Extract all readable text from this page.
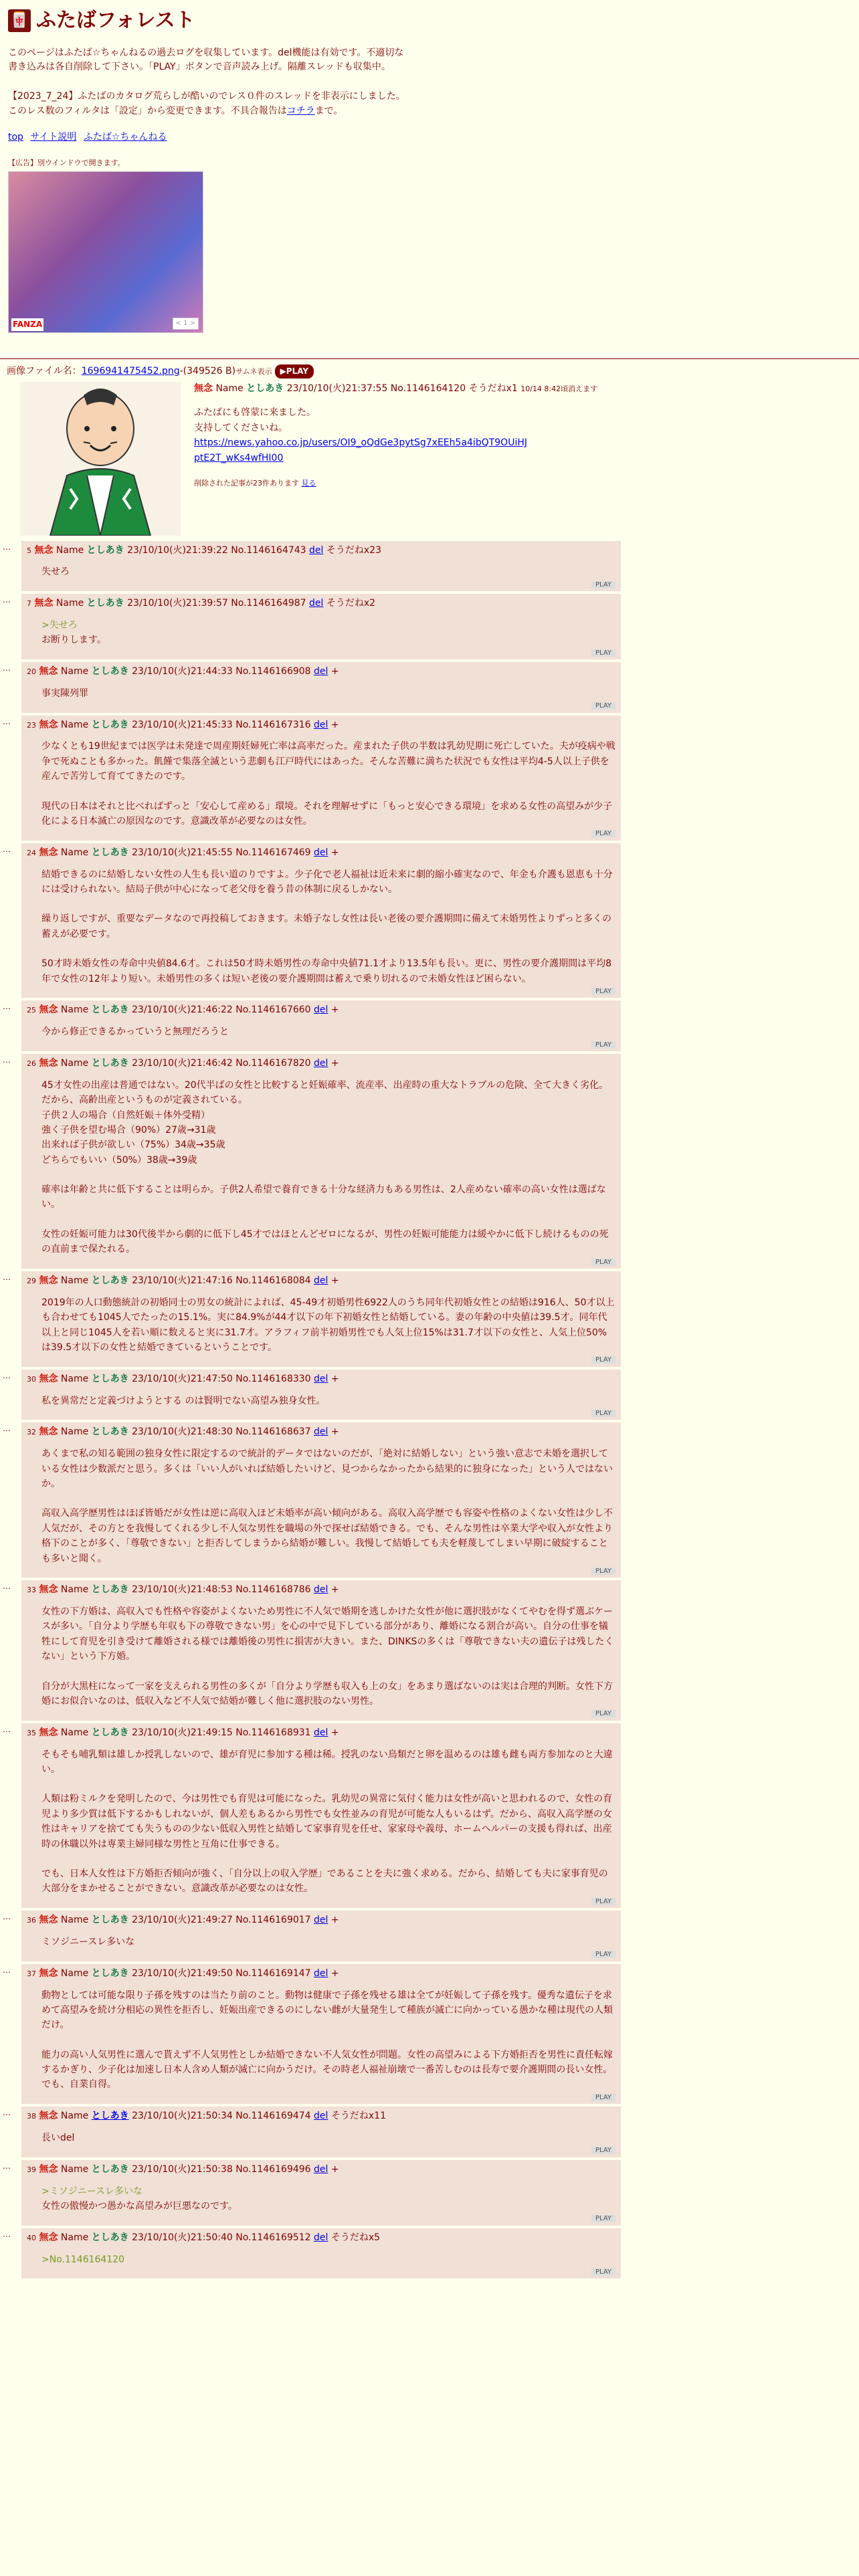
🀄 ふたばフォレスト

このページはふたば☆ちゃんねるの過去ログを収集しています。del機能は有効です。不適切な書き込みは各自削除して下さい。「PLAY」ボタンで音声読み上げ。隔離スレッドも収集中。

【2023_7_24】ふたばのカタログ荒らしが酷いのでレス０件のスレッドを非表示にしました。このレス数のフィルタは「設定」から変更できます。不具合報告はコチラまで。

top サイト説明 ふたば☆ちゃんねる
【広告】別ウインドウで開きます。
FANZA	< 1 >
画像ファイル名：1696941475452.png-(349526 B)サムネ表示 ▶PLAY
無念 Name としあき 23/10/10(火)21:37:55 No.1146164120 そうだねx1 10/14 8:42頃消えます
ふたばにも啓蒙に来ました。
支持してくださいね。
https://news.yahoo.co.jp/users/OI9_oQdGe3pytSg7xEEh5a4ibQT9OUiHJ
ptE2T_wKs4wfHI00
削除された記事が23件あります 見る
… 5 無念 Name としあき 23/10/10(火)21:39:22 No.1146164743 del そうだねx23

失せろ

PLAY
… 7 無念 Name としあき 23/10/10(火)21:39:57 No.1146164987 del そうだねx2

>失せろ

お断りします。

PLAY
… 20 無念 Name としあき 23/10/10(火)21:44:33 No.1146166908 del +

事実陳列罪

PLAY
… 23 無念 Name としあき 23/10/10(火)21:45:33 No.1146167316 del +

少なくとも19世紀までは医学は未発達で周産期妊婦死亡率は高率だった。産まれた子供の半数は乳幼児期に死亡していた。夫が疫病や戦争で死ぬことも多かった。飢饉で集落全滅という悲劇も江戸時代にはあった。そんな苦難に満ちた状況でも女性は平均4-5人以上子供を産んで苦労して育ててきたのです。

現代の日本はそれと比べればずっと「安心して産める」環境。それを理解せずに「もっと安心できる環境」を求める女性の高望みが少子化による日本滅亡の原因なのです。意識改革が必要なのは女性。

PLAY
… 24 無念 Name としあき 23/10/10(火)21:45:55 No.1146167469 del +

結婚できるのに結婚しない女性の人生も長い道のりですよ。少子化で老人福祉は近未来に劇的縮小確実なので、年金も介護も恩恵も十分には受けられない。結局子供が中心になって老父母を養う昔の体制に戻るしかない。

繰り返しですが、重要なデータなので再投稿しておきます。未婚子なし女性は長い老後の要介護期間に備えて未婚男性よりずっと多くの蓄えが必要です。

50才時未婚女性の寿命中央値84.6才。これは50才時未婚男性の寿命中央値71.1才より13.5年も長い。更に、男性の要介護期間は平均8年で女性の12年より短い。未婚男性の多くは短い老後の要介護期間は蓄えで乗り切れるので未婚女性ほど困らない。

PLAY
… 25 無念 Name としあき 23/10/10(火)21:46:22 No.1146167660 del +

今から修正できるかっていうと無理だろうと

PLAY
… 26 無念 Name としあき 23/10/10(火)21:46:42 No.1146167820 del +

45才女性の出産は普通ではない。20代半ばの女性と比較すると妊娠確率、流産率、出産時の重大なトラブルの危険、全て大きく劣化。だから、高齢出産というものが定義されている。

子供２人の場合（自然妊娠＋体外受精）

強く子供を望む場合（90%）27歳→31歳

出来れば子供が欲しい（75%）34歳→35歳

どちらでもいい（50%）38歳→39歳

確率は年齢と共に低下することは明らか。子供2人希望で養育できる十分な経済力もある男性は、2人産めない確率の高い女性は選ばない。

女性の妊娠可能力は30代後半から劇的に低下し45才ではほとんどゼロになるが、男性の妊娠可能能力は緩やかに低下し続けるものの死の直前まで保たれる。

PLAY
… 29 無念 Name としあき 23/10/10(火)21:47:16 No.1146168084 del +

2019年の人口動態統計の初婚同士の男女の統計によれば、45-49才初婚男性6922人のうち同年代初婚女性との結婚は916人、50才以上も合わせても1045人でたったの15.1%。実に84.9%が44才以下の年下初婚女性と結婚している。妻の年齢の中央値は39.5才。同年代以上と同じ1045人を若い順に数えると実に31.7才。アラフィフ前半初婚男性でも人気上位15%は31.7才以下の女性と、人気上位50%は39.5才以下の女性と結婚できているということです。

PLAY
… 30 無念 Name としあき 23/10/10(火)21:47:50 No.1146168330 del +

私を異常だと定義づけようとする のは賢明でない高望み独身女性。

PLAY
… 32 無念 Name としあき 23/10/10(火)21:48:30 No.1146168637 del +

あくまで私の知る範囲の独身女性に限定するので統計的データではないのだが、「絶対に結婚しない」という強い意志で未婚を選択している女性は少数派だと思う。多くは「いい人がいれば結婚したいけど、見つからなかったから結果的に独身になった」という人ではないか。

高収入高学歴男性はほぼ皆婚だが女性は逆に高収入ほど未婚率が高い傾向がある。高収入高学歴でも容姿や性格のよくない女性は少し不人気だが、その方とを我慢してくれる少し不人気な男性を職場の外で探せば結婚できる。でも、そんな男性は卒業大学や収入が女性より格下のことが多く、「尊敬できない」と拒否してしまうから結婚が難しい。我慢して結婚しても夫を軽蔑してしまい早期に破綻することも多いと聞く。

PLAY
… 33 無念 Name としあき 23/10/10(火)21:48:53 No.1146168786 del +

女性の下方婚は、高収入でも性格や容姿がよくないため男性に不人気で婚期を逃しかけた女性が他に選択肢がなくてやむを得ず選ぶケースが多い。「自分より学歴も年収も下の尊敬できない男」を心の中で見下している部分があり、離婚になる割合が高い。自分の仕事を犠牲にして育児を引き受けて離婚される様では離婚後の男性に損害が大きい。また、DINKSの多くは「尊敬できない夫の遺伝子は残したくない」という下方婚。

自分が大黒柱になって一家を支えられる男性の多くが「自分より学歴も収入も上の女」をあまり選ばないのは実は合理的判断。女性下方婚にお似合いなのは、低収入など不人気で結婚が難しく他に選択肢のない男性。

PLAY
… 35 無念 Name としあき 23/10/10(火)21:49:15 No.1146168931 del +

そもそも哺乳類は雄しか授乳しないので、雄が育児に参加する種は稀。授乳のない鳥類だと卵を温めるのは雄も雌も両方参加なのと大違い。

人類は粉ミルクを発明したので、今は男性でも育児は可能になった。乳幼児の異常に気付く能力は女性が高いと思われるので、女性の育児より多少質は低下するかもしれないが、個人差もあるから男性でも女性並みの育児が可能な人もいるはず。だから、高収入高学歴の女性はキャリアを捨てても失うものの少ない低収入男性と結婚して家事育児を任せ、家家母や義母、ホームヘルパーの支援も得れば、出産時の休職以外は専業主婦同様な男性と互角に仕事できる。

でも、日本人女性は下方婚拒否傾向が強く、「自分以上の収入学歴」であることを夫に強く求める。だから、結婚しても夫に家事育児の大部分をまかせることができない。意識改革が必要なのは女性。

PLAY
… 36 無念 Name としあき 23/10/10(火)21:49:27 No.1146169017 del +

ミソジニースレ多いな

PLAY
… 37 無念 Name としあき 23/10/10(火)21:49:50 No.1146169147 del +

動物としては可能な限り子孫を残すのは当たり前のこと。動物は健康で子孫を残せる雄は全てが妊娠して子孫を残す。優秀な遺伝子を求めて高望みを続け分相応の異性を拒否し、妊娠出産できるのにしない雌が大量発生して種族が滅亡に向かっている愚かな種は現代の人類だけ。

能力の高い人気男性に選んで貰えず不人気男性としか結婚できない不人気女性が問題。女性の高望みによる下方婚拒否を男性に責任転嫁するかぎり、少子化は加速し日本人含め人類が滅亡に向かうだけ。その時老人福祉崩壊で一番苦しむのは長寿で要介護期間の長い女性。でも、自業自得。

PLAY
… 38 無念 Name としあき 23/10/10(火)21:50:34 No.1146169474 del そうだねx11

長いdel

PLAY
… 39 無念 Name としあき 23/10/10(火)21:50:38 No.1146169496 del +

>ミソジニースレ多いな

女性の傲慢かつ愚かな高望みが巨悪なのです。

PLAY
… 40 無念 Name としあき 23/10/10(火)21:50:40 No.1146169512 del そうだねx5

>No.1146164120

PLAY
